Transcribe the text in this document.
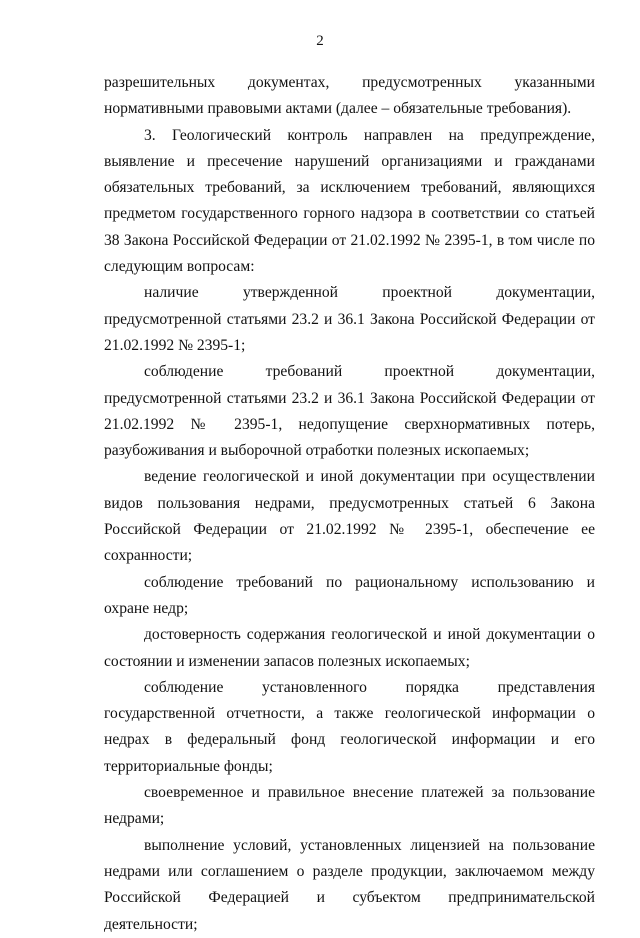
2

разрешительных документах, предусмотренных указанными нормативными правовыми актами (далее – обязательные требования).

3. Геологический контроль направлен на предупреждение, выявление и пресечение нарушений организациями и гражданами обязательных требований, за исключением требований, являющихся предметом государственного горного надзора в соответствии со статьей 38 Закона Российской Федерации от 21.02.1992 № 2395-1, в том числе по следующим вопросам:

наличие утвержденной проектной документации, предусмотренной статьями 23.2 и 36.1 Закона Российской Федерации от 21.02.1992 № 2395-1;

соблюдение требований проектной документации, предусмотренной статьями 23.2 и 36.1 Закона Российской Федерации от 21.02.1992 № 2395-1, недопущение сверхнормативных потерь, разубоживания и выборочной отработки полезных ископаемых;

ведение геологической и иной документации при осуществлении видов пользования недрами, предусмотренных статьей 6 Закона Российской Федерации от 21.02.1992 № 2395-1, обеспечение ее сохранности;

соблюдение требований по рациональному использованию и охране недр;

достоверность содержания геологической и иной документации о состоянии и изменении запасов полезных ископаемых;

соблюдение установленного порядка представления государственной отчетности, а также геологической информации о недрах в федеральный фонд геологической информации и его территориальные фонды;

своевременное и правильное внесение платежей за пользование недрами;

выполнение условий, установленных лицензией на пользование недрами или соглашением о разделе продукции, заключаемом между Российской Федерацией и субъектом предпринимательской деятельности;
